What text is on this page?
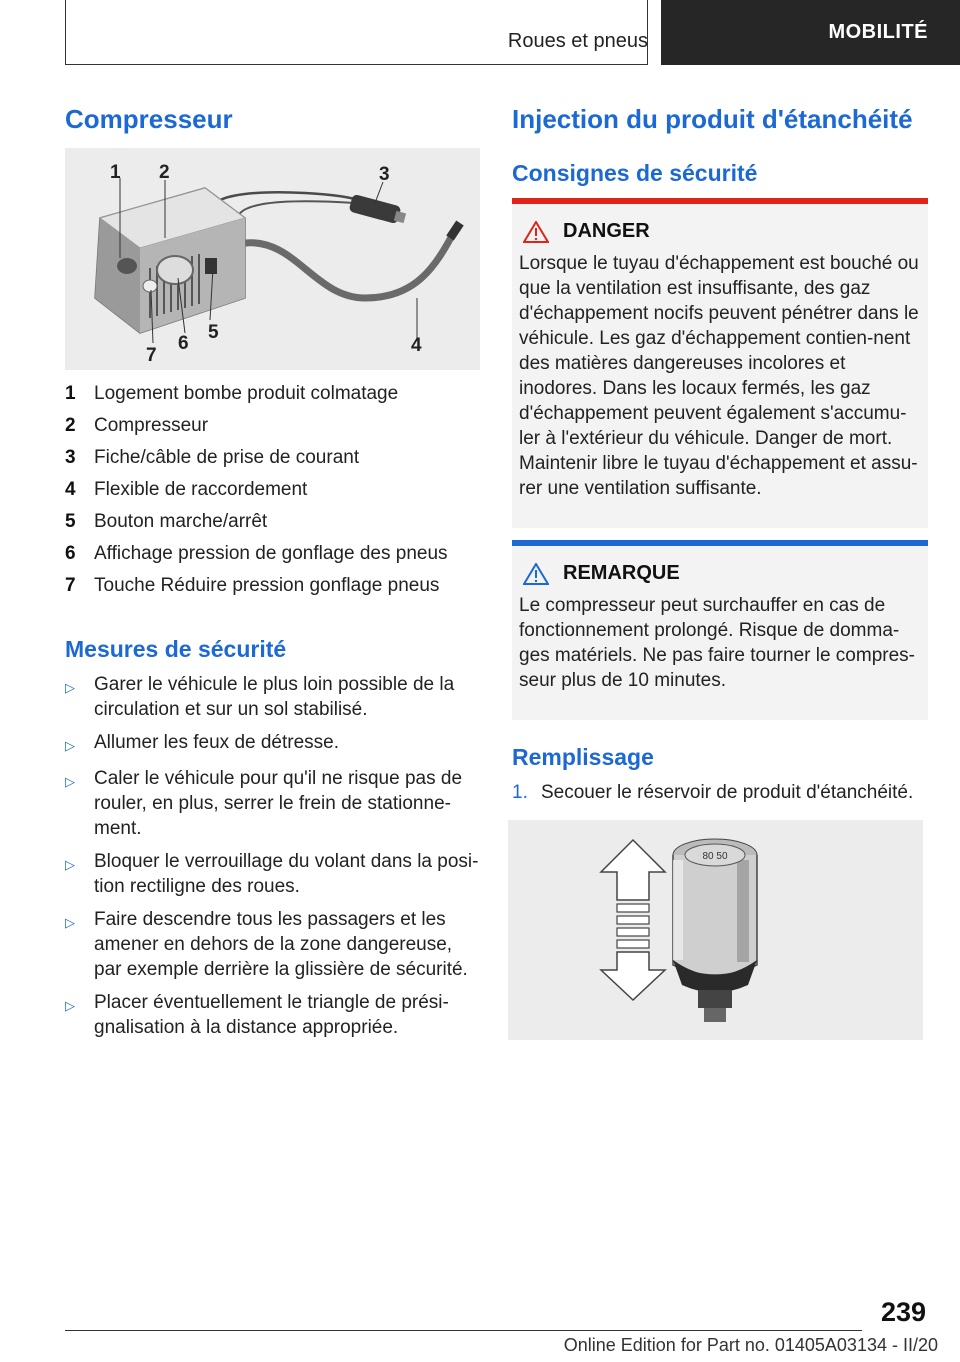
Roues et pneus	MOBILITÉ
Compresseur
1 2	3
4
5
6
7
1 Logement bombe produit colmatage
2 Compresseur
3 Fiche/câble de prise de courant
4 Flexible de raccordement
5 Bouton marche/arrêt
6 Affichage pression de gonflage des pneus
7 Touche Réduire pression gonflage pneus
Mesures de sécurité
▷	Garer le véhicule le plus loin possible de la circulation et sur un sol stabilisé.
▷	Allumer les feux de détresse.
▷	Caler le véhicule pour qu'il ne risque pas de rouler, en plus, serrer le frein de stationne-ment.
▷	Bloquer le verrouillage du volant dans la posi-tion rectiligne des roues.
▷	Faire descendre tous les passagers et les amener en dehors de la zone dangereuse, par exemple derrière la glissière de sécurité.
▷	Placer éventuellement le triangle de prési-gnalisation à la distance appropriée.
Injection du produit d'étanchéité
Consignes de sécurité
DANGER
Lorsque le tuyau d'échappement est bouché ou que la ventilation est insuffisante, des gaz d'échappement nocifs peuvent pénétrer dans le véhicule. Les gaz d'échappement contien-nent des matières dangereuses incolores et inodores. Dans les locaux fermés, les gaz d'échappement peuvent également s'accumu-ler à l'extérieur du véhicule. Danger de mort. Maintenir libre le tuyau d'échappement et assu-rer une ventilation suffisante.
REMARQUE
Le compresseur peut surchauffer en cas de fonctionnement prolongé. Risque de domma-ges matériels. Ne pas faire tourner le compres-seur plus de 10 minutes.
Remplissage
1. Secouer le réservoir de produit d'étanchéité.
80 50
239
Online Edition for Part no. 01405A03134 - II/20
